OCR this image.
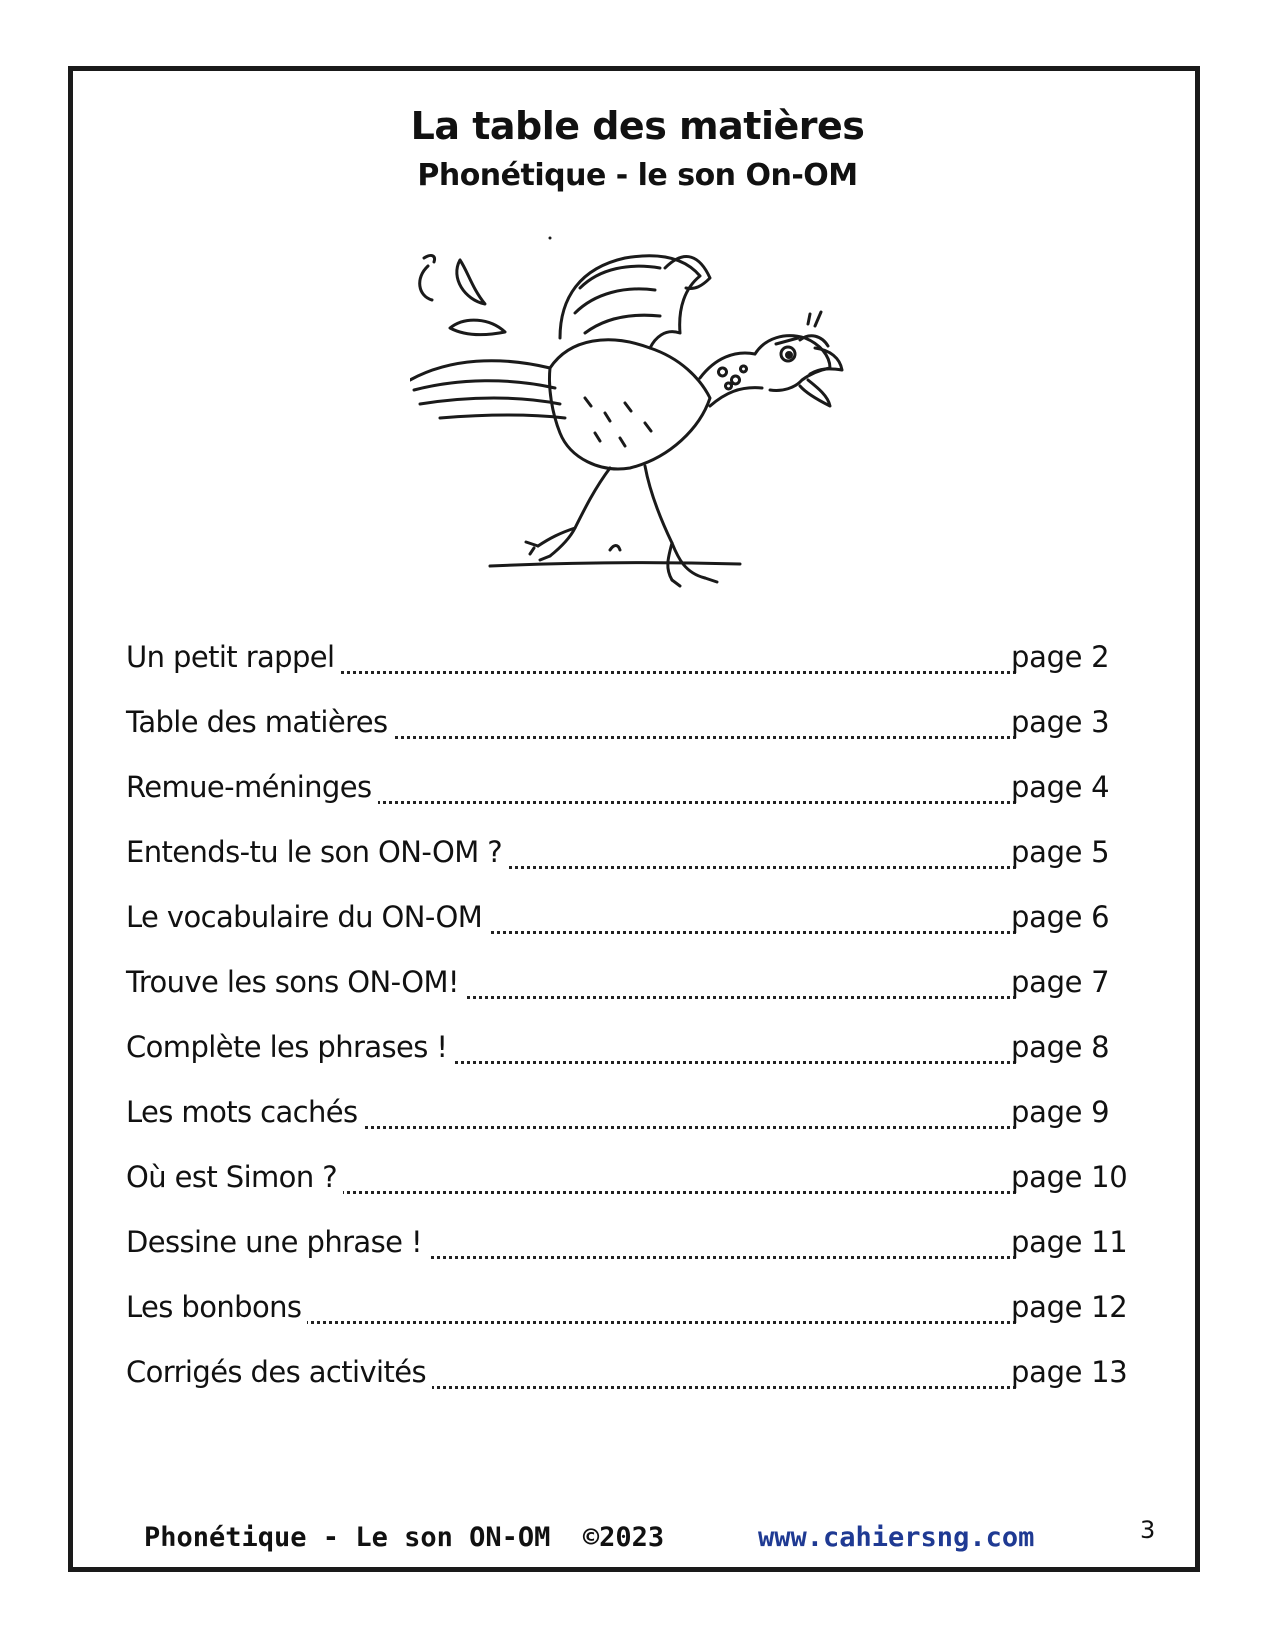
La table des matières
Phonétique - le son On-OM
Un petit rappel	page 2
Table des matières	page 3
Remue-méninges	page 4
Entends-tu le son ON-OM ?	page 5
Le vocabulaire du ON-OM	page 6
Trouve les sons ON-OM!	page 7
Complète les phrases !	page 8
Les mots cachés	page 9
Où est Simon ?	page 10
Dessine une phrase !	page 11
Les bonbons	page 12
Corrigés des activités	page 13
Phonétique - Le son ON-OM  ©2023	www.cahiersng.com	3
